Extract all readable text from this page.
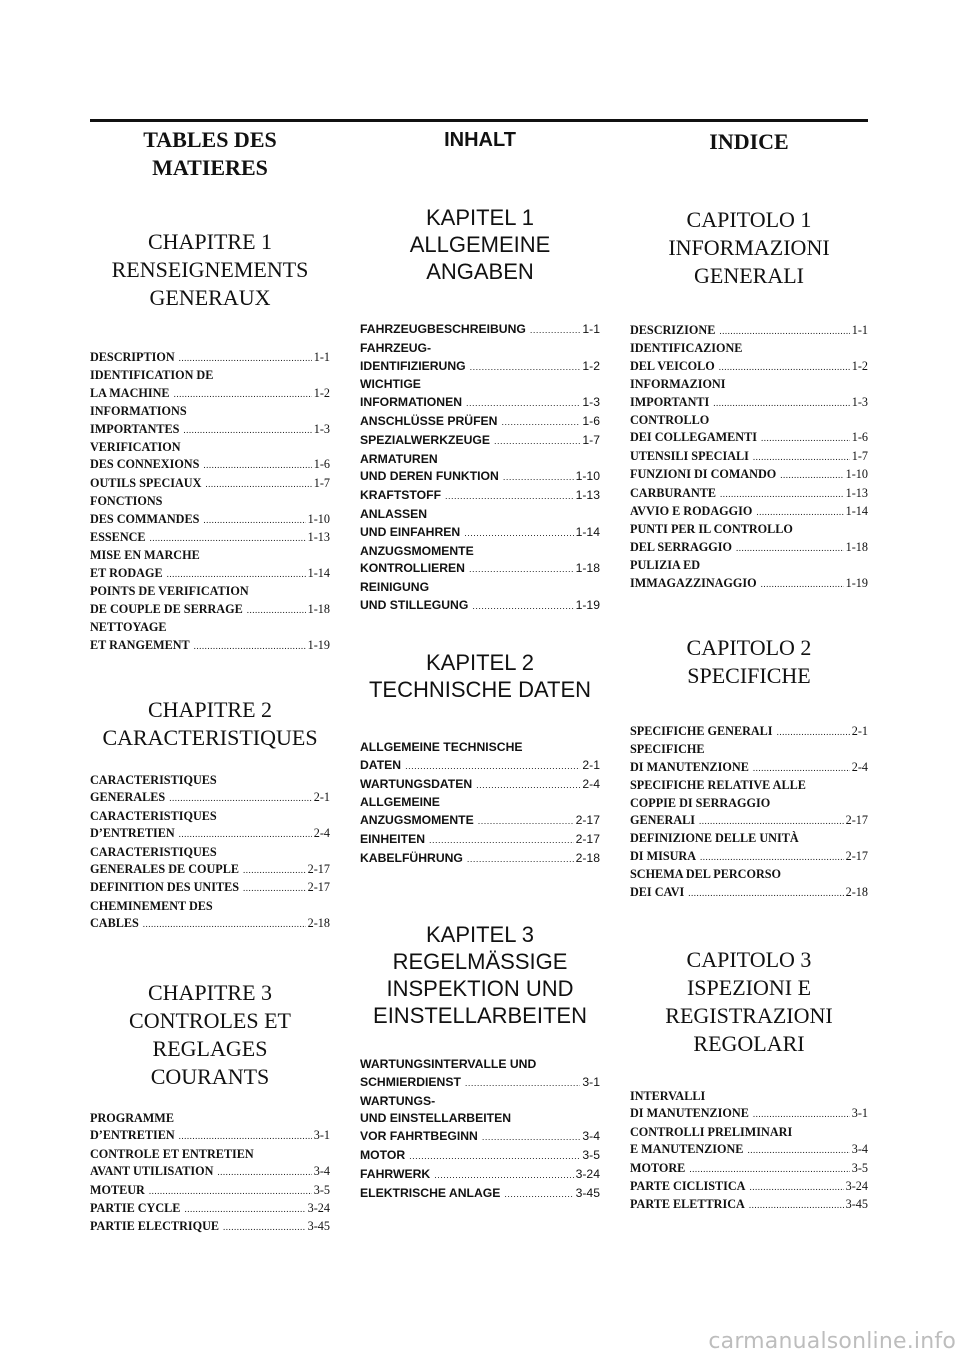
TABLES DES
MATIERES
CHAPITRE 1
RENSEIGNEMENTS
GENERAUX
DESCRIPTION .....	1-1
IDENTIFICATION DE
LA MACHINE .....	1-2
INFORMATIONS
IMPORTANTES .....	1-3
VERIFICATION
DES CONNEXIONS .....	1-6
OUTILS SPECIAUX .....	1-7
FONCTIONS
DES COMMANDES .....	1-10
ESSENCE .....	1-13
MISE EN MARCHE
ET RODAGE .....	1-14
POINTS DE VERIFICATION
DE COUPLE DE SERRAGE .....	1-18
NETTOYAGE
ET RANGEMENT .....	1-19
CHAPITRE 2
CARACTERISTIQUES
CARACTERISTIQUES
GENERALES .....	2-1
CARACTERISTIQUES
D’ENTRETIEN .....	2-4
CARACTERISTIQUES
GENERALES DE COUPLE .....	2-17
DEFINITION DES UNITES .....	2-17
CHEMINEMENT DES
CABLES .....	2-18
CHAPITRE 3
CONTROLES ET
REGLAGES
COURANTS
PROGRAMME
D’ENTRETIEN .....	3-1
CONTROLE ET ENTRETIEN
AVANT UTILISATION .....	3-4
MOTEUR .....	3-5
PARTIE CYCLE .....	3-24
PARTIE ELECTRIQUE .....	3-45
INHALT
KAPITEL 1
ALLGEMEINE
ANGABEN
FAHRZEUGBESCHREIBUNG .....	1-1
FAHRZEUG-
IDENTIFIZIERUNG .....	1-2
WICHTIGE
INFORMATIONEN .....	1-3
ANSCHLÜSSE PRÜFEN .....	1-6
SPEZIALWERKZEUGE .....	1-7
ARMATUREN
UND DEREN FUNKTION .....	1-10
KRAFTSTOFF .....	1-13
ANLASSEN
UND EINFAHREN .....	1-14
ANZUGSMOMENTE
KONTROLLIEREN .....	1-18
REINIGUNG
UND STILLEGUNG .....	1-19
KAPITEL 2
TECHNISCHE DATEN
ALLGEMEINE TECHNISCHE
DATEN .....	2-1
WARTUNGSDATEN .....	2-4
ALLGEMEINE
ANZUGSMOMENTE .....	2-17
EINHEITEN .....	2-17
KABELFÜHRUNG .....	2-18
KAPITEL 3
REGELMÄSSIGE
INSPEKTION UND
EINSTELLARBEITEN
WARTUNGSINTERVALLE UND
SCHMIERDIENST .....	3-1
WARTUNGS-
UND EINSTELLARBEITEN
VOR FAHRTBEGINN .....	3-4
MOTOR .....	3-5
FAHRWERK .....	3-24
ELEKTRISCHE ANLAGE .....	3-45
INDICE
CAPITOLO 1
INFORMAZIONI
GENERALI
DESCRIZIONE .....	1-1
IDENTIFICAZIONE
DEL VEICOLO .....	1-2
INFORMAZIONI
IMPORTANTI .....	1-3
CONTROLLO
DEI COLLEGAMENTI .....	1-6
UTENSILI SPECIALI .....	1-7
FUNZIONI DI COMANDO .....	1-10
CARBURANTE .....	1-13
AVVIO E RODAGGIO .....	1-14
PUNTI PER IL CONTROLLO
DEL SERRAGGIO .....	1-18
PULIZIA ED
IMMAGAZZINAGGIO .....	1-19
CAPITOLO 2
SPECIFICHE
SPECIFICHE GENERALI .....	2-1
SPECIFICHE
DI MANUTENZIONE .....	2-4
SPECIFICHE RELATIVE ALLE
COPPIE DI SERRAGGIO
GENERALI .....	2-17
DEFINIZIONE DELLE UNITÀ
DI MISURA .....	2-17
SCHEMA DEL PERCORSO
DEI CAVI .....	2-18
CAPITOLO 3
ISPEZIONI E
REGISTRAZIONI
REGOLARI
INTERVALLI
DI MANUTENZIONE .....	3-1
CONTROLLI PRELIMINARI
E MANUTENZIONE .....	3-4
MOTORE .....	3-5
PARTE CICLISTICA .....	3-24
PARTE ELETTRICA .....	3-45
carmanualsonline.info
